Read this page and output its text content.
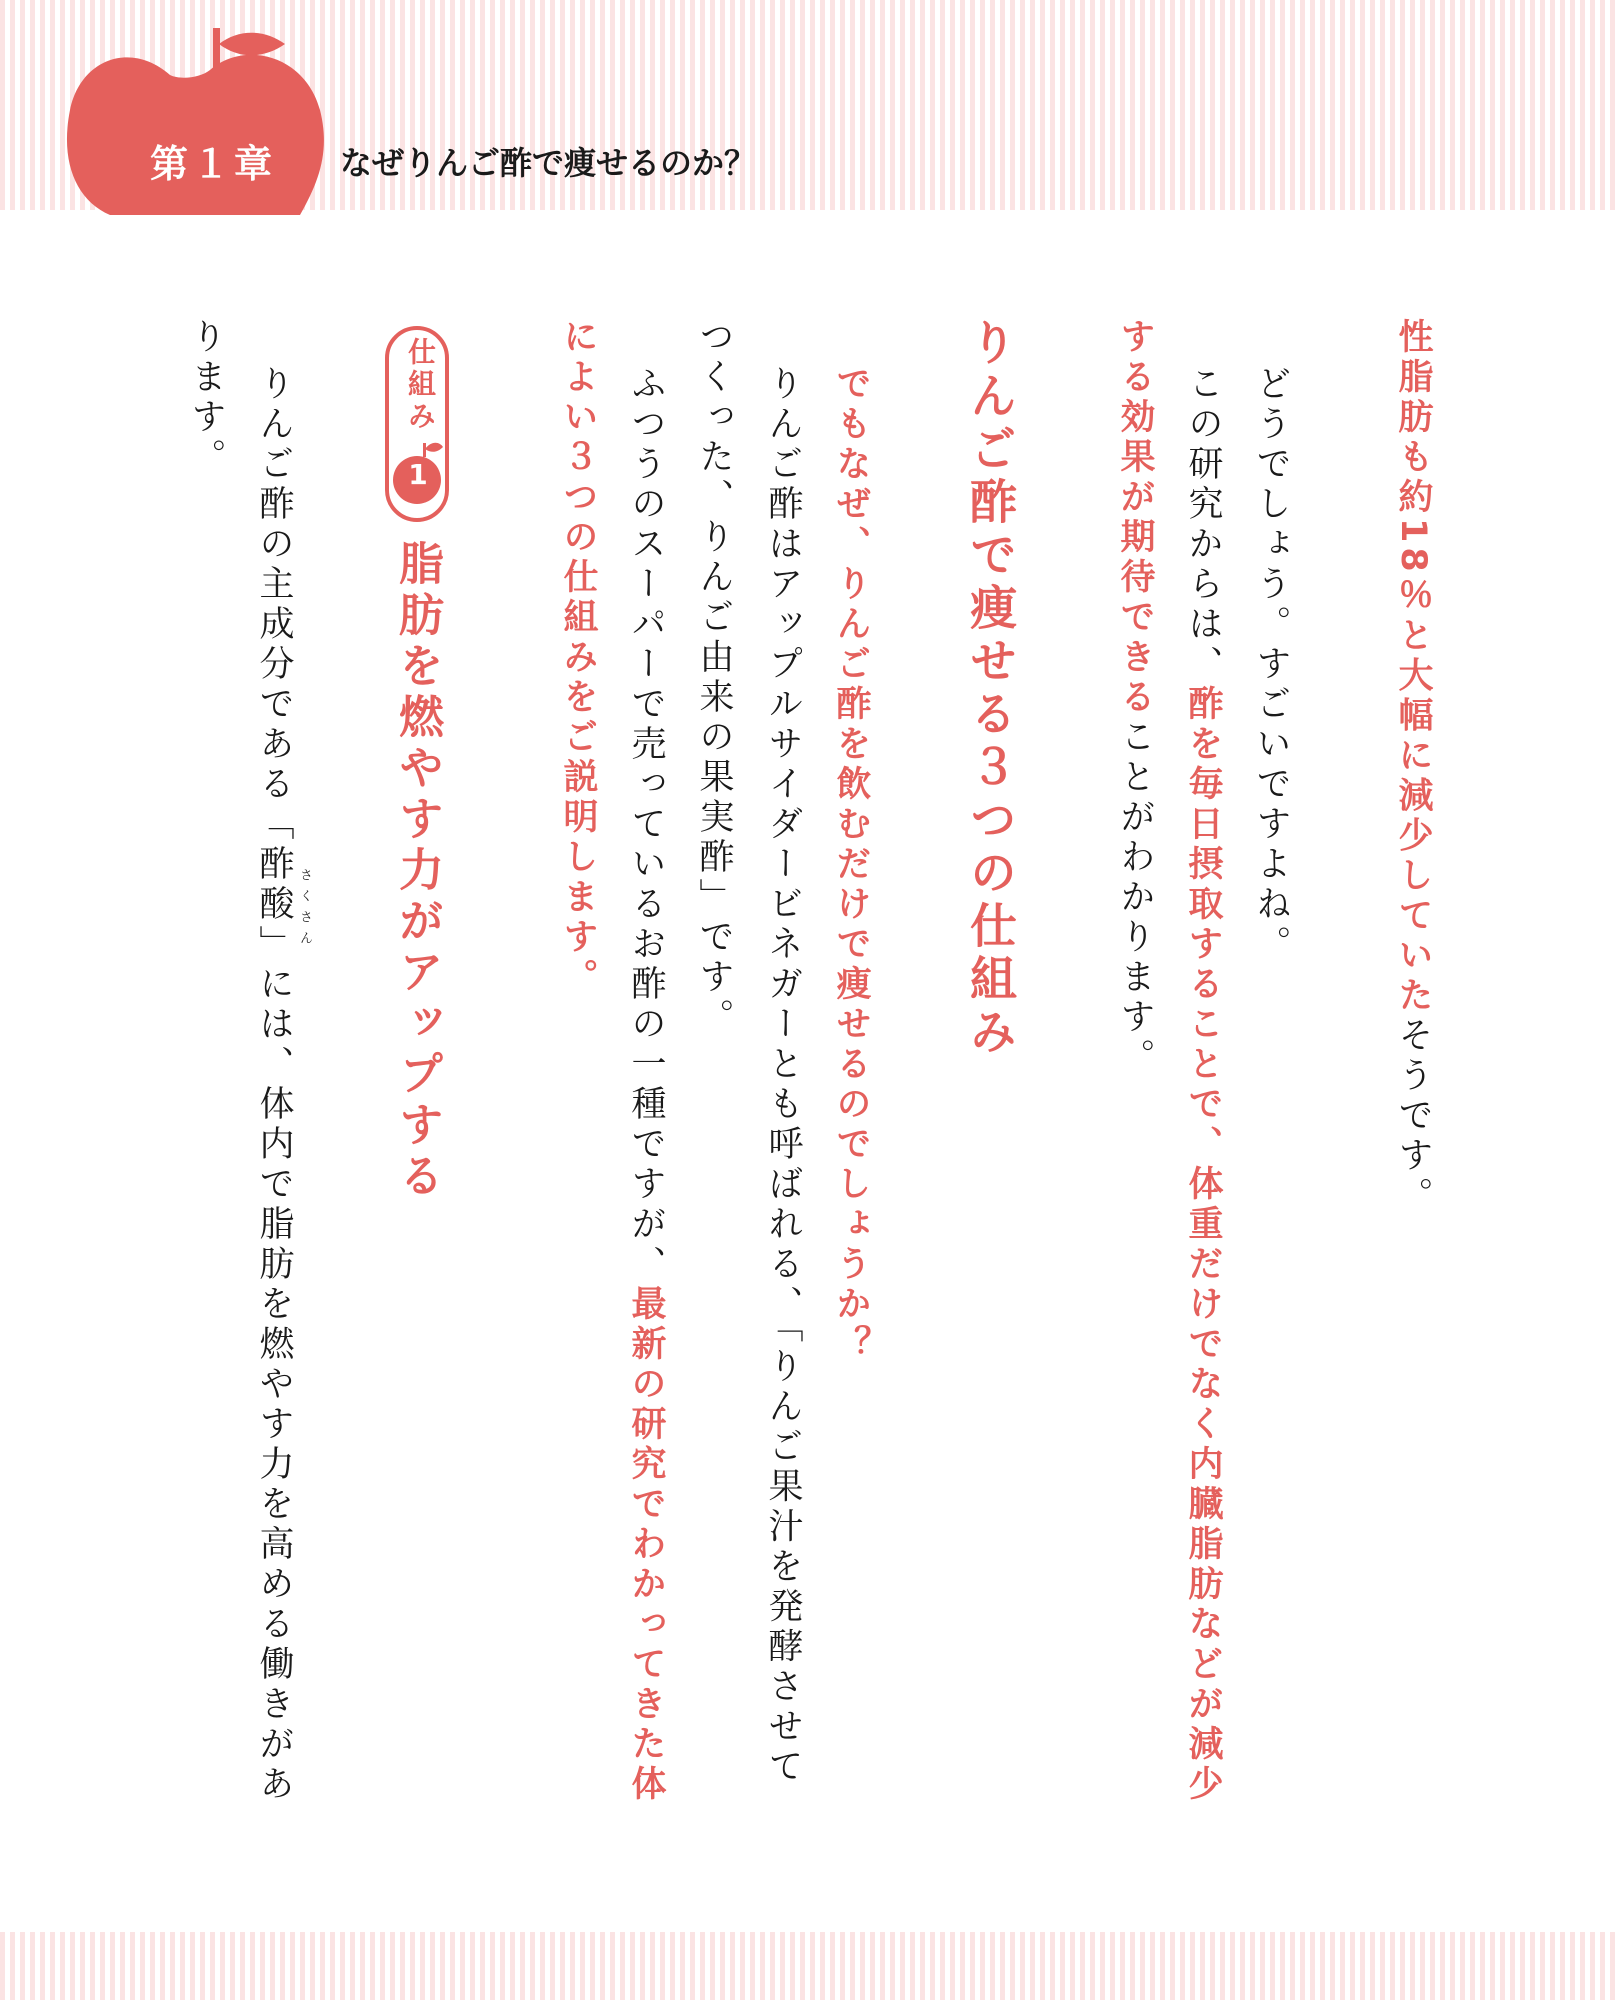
第１章 なぜりんご酢で痩せるのか？
性脂肪も約18％と大幅に減少していたそうです。
どうでしょう。すごいですよね。
この研究からは、酢を毎日摂取することで、体重だけでなく内臓脂肪などが減少
する効果が期待できることがわかります。
りんご酢で痩せる３つの仕組み
でもなぜ、りんご酢を飲むだけで痩せるのでしょうか？
りんご酢はアップルサイダービネガーとも呼ばれる、「りんご果汁を発酵させて
つくった、りんご由来の果実酢」です。
ふつうのスーパーで売っているお酢の一種ですが、最新の研究でわかってきた体
によい３つの仕組みをご説明します。
仕組み
1
脂肪を燃やす力がアップする
りんご酢の主成分である「酢酸」には、体内で脂肪を燃やす力を高める働きがあ
さくさん
ります。
